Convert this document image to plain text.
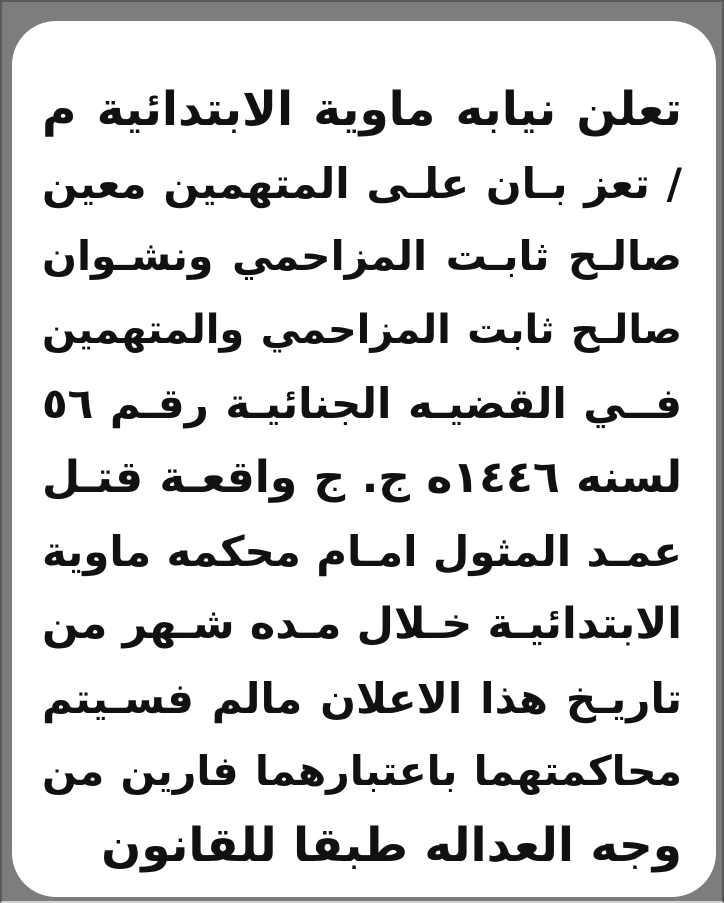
تعلن نيابه ماوية الابتدائية م
/ تعز بـان علـى المتهمين معين
صالـح ثابـت المزاحمي ونشـوان
صالـح ثابت المزاحمي والمتهمين
فــي القضيـه الجنائيـة رقـم ٥٦
لسنه ١٤٤٦ه ج. ج واقعـة قتـل
عمـد المثول امـام محكمه ماوية
الابتدائيـة خـلال مـده شـهر من
تاريـخ هذا الاعلان مالم فسـيتم
محاكمتهما باعتبارهما فارين من
وجه العداله طبقا للقانون
